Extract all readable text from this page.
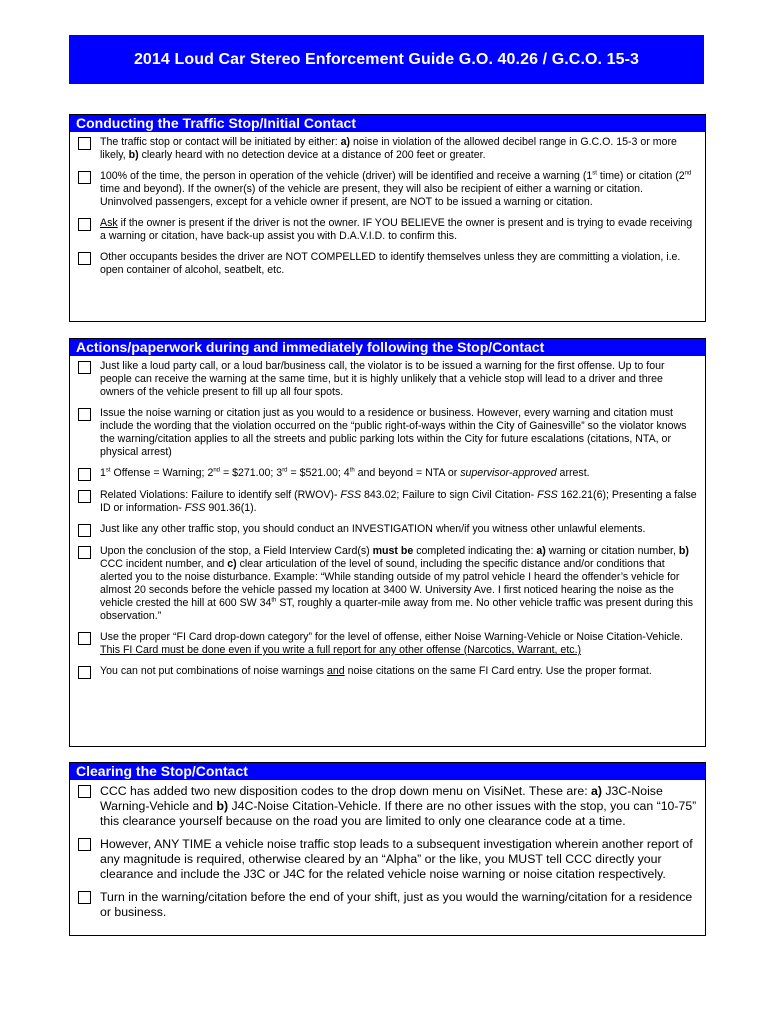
2014 Loud Car Stereo Enforcement Guide G.O. 40.26 / G.C.O. 15-3
Conducting the Traffic Stop/Initial Contact
The traffic stop or contact will be initiated by either: a) noise in violation of the allowed decibel range in G.C.O. 15-3 or more likely, b) clearly heard with no detection device at a distance of 200 feet or greater.
100% of the time, the person in operation of the vehicle (driver) will be identified and receive a warning (1st time) or citation (2nd time and beyond). If the owner(s) of the vehicle are present, they will also be recipient of either a warning or citation. Uninvolved passengers, except for a vehicle owner if present, are NOT to be issued a warning or citation.
Ask if the owner is present if the driver is not the owner. IF YOU BELIEVE the owner is present and is trying to evade receiving a warning or citation, have back-up assist you with D.A.V.I.D. to confirm this.
Other occupants besides the driver are NOT COMPELLED to identify themselves unless they are committing a violation, i.e. open container of alcohol, seatbelt, etc.
Actions/paperwork during and immediately following the Stop/Contact
Just like a loud party call, or a loud bar/business call, the violator is to be issued a warning for the first offense. Up to four people can receive the warning at the same time, but it is highly unlikely that a vehicle stop will lead to a driver and three owners of the vehicle present to fill up all four spots.
Issue the noise warning or citation just as you would to a residence or business. However, every warning and citation must include the wording that the violation occurred on the “public right-of-ways within the City of Gainesville” so the violator knows the warning/citation applies to all the streets and public parking lots within the City for future escalations (citations, NTA, or physical arrest)
1st Offense = Warning; 2nd = $271.00; 3rd = $521.00; 4th and beyond = NTA or supervisor-approved arrest.
Related Violations: Failure to identify self (RWOV)- FSS 843.02; Failure to sign Civil Citation- FSS 162.21(6); Presenting a false ID or information- FSS 901.36(1).
Just like any other traffic stop, you should conduct an INVESTIGATION when/if you witness other unlawful elements.
Upon the conclusion of the stop, a Field Interview Card(s) must be completed indicating the: a) warning or citation number, b) CCC incident number, and c) clear articulation of the level of sound, including the specific distance and/or conditions that alerted you to the noise disturbance. Example: “While standing outside of my patrol vehicle I heard the offender’s vehicle for almost 20 seconds before the vehicle passed my location at 3400 W. University Ave. I first noticed hearing the noise as the vehicle crested the hill at 600 SW 34th ST, roughly a quarter-mile away from me. No other vehicle traffic was present during this observation.”
Use the proper “FI Card drop-down category” for the level of offense, either Noise Warning-Vehicle or Noise Citation-Vehicle. This FI Card must be done even if you write a full report for any other offense (Narcotics, Warrant, etc.)
You can not put combinations of noise warnings and noise citations on the same FI Card entry. Use the proper format.
Clearing the Stop/Contact
CCC has added two new disposition codes to the drop down menu on VisiNet. These are: a) J3C-Noise Warning-Vehicle and b) J4C-Noise Citation-Vehicle. If there are no other issues with the stop, you can “10-75” this clearance yourself because on the road you are limited to only one clearance code at a time.
However, ANY TIME a vehicle noise traffic stop leads to a subsequent investigation wherein another report of any magnitude is required, otherwise cleared by an “Alpha” or the like, you MUST tell CCC directly your clearance and include the J3C or J4C for the related vehicle noise warning or noise citation respectively.
Turn in the warning/citation before the end of your shift, just as you would the warning/citation for a residence or business.
